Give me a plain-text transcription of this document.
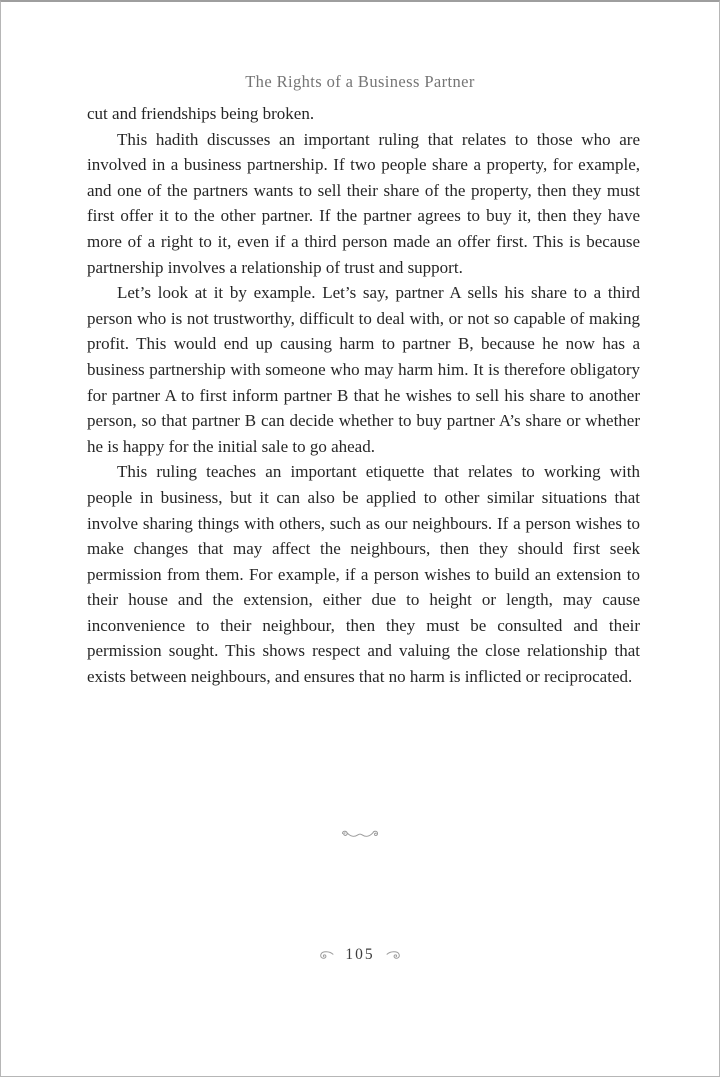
The Rights of a Business Partner

cut and friendships being broken.

This hadith discusses an important ruling that relates to those who are involved in a business partnership. If two people share a property, for example, and one of the partners wants to sell their share of the property, then they must first offer it to the other partner. If the partner agrees to buy it, then they have more of a right to it, even if a third person made an offer first. This is because partnership involves a relationship of trust and support.

Let’s look at it by example. Let’s say, partner A sells his share to a third person who is not trustworthy, difficult to deal with, or not so capable of making profit. This would end up causing harm to partner B, because he now has a business partnership with someone who may harm him. It is therefore obligatory for partner A to first inform partner B that he wishes to sell his share to another person, so that partner B can decide whether to buy partner A’s share or whether he is happy for the initial sale to go ahead.

This ruling teaches an important etiquette that relates to working with people in business, but it can also be applied to other similar situations that involve sharing things with others, such as our neighbours. If a person wishes to make changes that may affect the neighbours, then they should first seek permission from them. For example, if a person wishes to build an extension to their house and the extension, either due to height or length, may cause inconvenience to their neighbour, then they must be consulted and their permission sought. This shows respect and valuing the close relationship that exists between neighbours, and ensures that no harm is inflicted or reciprocated.

105
